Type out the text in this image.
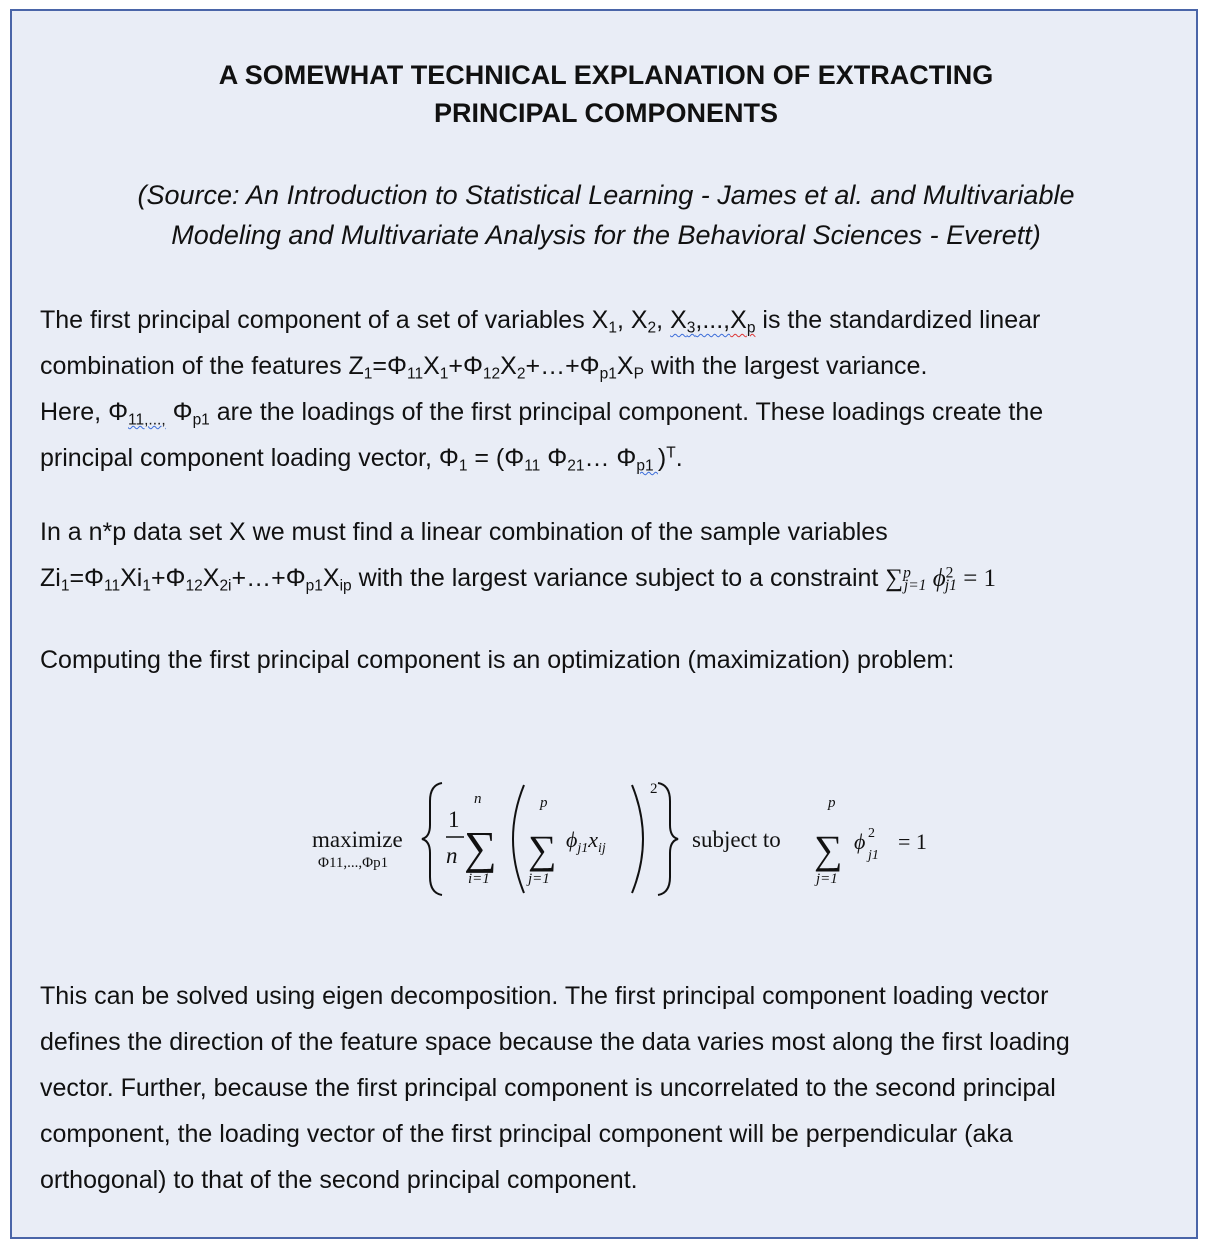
A SOMEWHAT TECHNICAL EXPLANATION OF EXTRACTING
PRINCIPAL COMPONENTS
(Source: An Introduction to Statistical Learning - James et al. and Multivariable
Modeling and Multivariate Analysis for the Behavioral Sciences - Everett)

The first principal component of a set of variables $X_1$, $X_2$, $X_3,...,X_p$ is the standardized linear

combination of the features $Z_1=\Phi_{11}X_1+\Phi_{12}X_2+\dots+\Phi_{p1}X_P$ with the largest variance.

Here, $\Phi_{11,...,}$ $\Phi_{p1}$ are the loadings of the first principal component. These loadings create the

principal component loading vector, $\Phi_1 = (\Phi_{11}$ $\Phi_{21}\dots$ $\Phi_{p1}$ )$^T$.

In a n*p data set X we must find a linear combination of the sample variables

$Zi_1=\Phi_{11}Xi_1+\Phi_{12}X_{2i}+\dots+\Phi_{p1}X_{ip}$ with the largest variance subject to a constraint ∑$^p_{j=1}$ $\phi^2_{j1} = 1$

Computing the first principal component is an optimization (maximization) problem:

maximize
Φ11,...,Φp1
1
n
n
∑
i=1
p
∑
j=1
$\phi_{j1}x_{ij}$
2
subject to
p
∑
j=1
ϕ 2
j1
= 1

This can be solved using eigen decomposition. The first principal component loading vector

defines the direction of the feature space because the data varies most along the first loading

vector. Further, because the first principal component is uncorrelated to the second principal

component, the loading vector of the first principal component will be perpendicular (aka

orthogonal) to that of the second principal component.
